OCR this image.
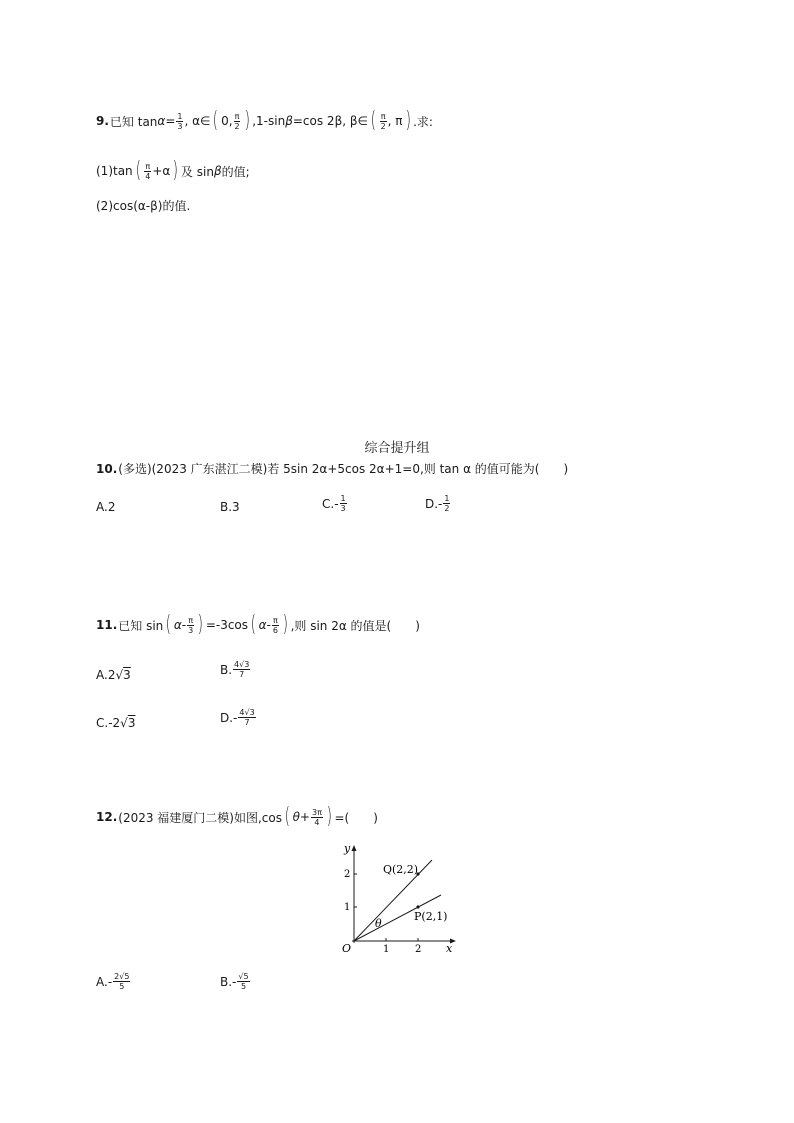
9. 已知 $\tan \alpha = \frac{1}{3}$ , α∈ ( 0, $\frac{\pi}{2}$ ) ,1-sin β =cos 2β, β∈ ( $\frac{\pi}{2}$ , π ) .求:
(1)tan ( $\frac{\pi}{4} +\alpha$ ) 及 sin β 的值;
(2)cos(α-β)的值.
综合提升组
10. (多选)(2023 广东湛江二模)若 5sin 2α+5cos 2α+1=0,则 tan α 的值可能为(　　)
A.2	B.3	$C.- \frac{1}{3}$	$D.- \frac{1}{2}$
11. 已知 sin ( $\alpha- \frac{\pi}{3}$ ) =-3cos ( $\alpha- \frac{\pi}{6}$ ) ,则 sin 2α 的值是(　　)
A.2 √ 3	B. $\frac{4√3}{7}$
C.-2 √ 3	$D.- \frac{4√3}{7}$
12. (2023 福建厦门二模)如图,cos ( $\theta+ \frac{3\pi}{4}$ ) =(　　)
y
x
O	1	2
1
2
θ
Q(2,2)
P(2,1)
$A.- \frac{2√5}{5}$	$B.- \frac{√5}{5}$
